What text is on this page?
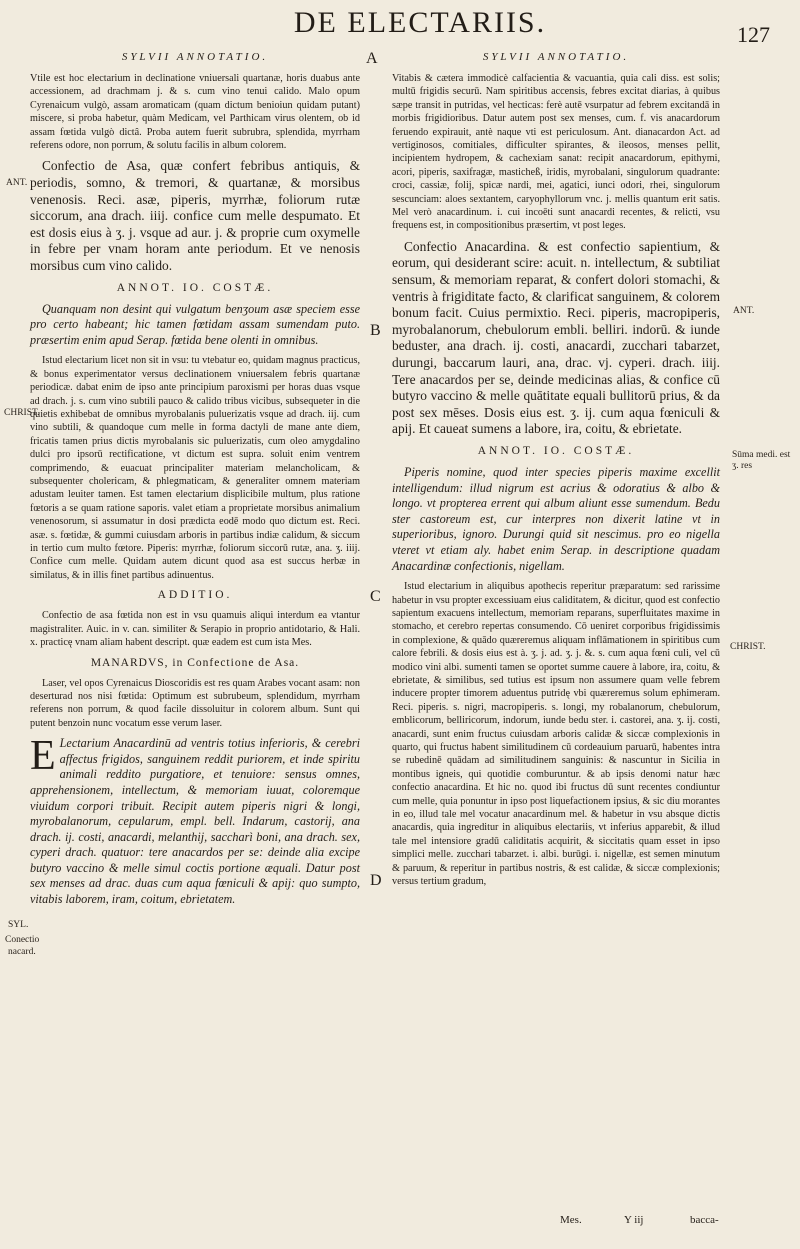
DE ELECTARIIS.	127
ANT.
CHRIST.
SYL.
Conectio
nacard.
ANT.
CHRIST.
Sūma medi. est ʒ. res
A
B
C
D
SYLVII ANNOTATIO.

Vtile est hoc electarium in declinatione vniuersali quartanæ, horis duabus ante accessionem, ad drachmam j. & s. cum vino tenui calido. Malo opum Cyrenaicum vulgò, assam aromaticam (quam dictum benioiun quidam putant) miscere, si proba habetur, quàm Medicam, vel Parthicam virus olentem, ob id assam fœtida vulgò dictâ. Proba autem fuerit subrubra, splendida, myrrham referens odore, non porrum, & solutu facilis in album colorem.

Confectio de Asa, quæ confert febribus antiquis, & periodis, somno, & tremori, & quartanæ, & morsibus venenosis. Reci. asæ, piperis, myrrhæ, foliorum rutæ siccorum, ana drach. iiij. confice cum melle despumato. Et est dosis eius à ʒ. j. vsque ad aur. j. & proprie cum oxymelle in febre per vnam horam ante periodum. Et ve nenosis morsibus cum vino calido.

ANNOT. IO. COSTÆ.

Quanquam non desint qui vulgatum benʒoum asæ speciem esse pro certo habeant; hic tamen fœtidam assam sumendam puto. præsertim enim apud Serap. fœtida bene olenti in omnibus.

Istud electarium licet non sit in vsu: tu vtebatur eo, quidam magnus practicus, & bonus experimentator versus declinationem vniuersalem febris quartanæ periodicæ. dabat enim de ipso ante principium paroxismi per horas duas vsque ad drach. j. s. cum vino subtili pauco & calido tribus vicibus, subsequeter in die quietis exhibebat de omnibus myrobalanis puluerizatis vsque ad drach. iij. cum vino subtili, & quandoque cum melle in forma dactyli de mane ante diem, fricatis tamen prius dictis myrobalanis sic puluerizatis, cum oleo amygdalino dulci pro ipsorū rectificatione, vt dictum est supra. soluit enim ventrem comprimendo, & euacuat principaliter materiam melancholicam, & subsequenter cholericam, & phlegmaticam, & generaliter omnem materiam adustam leuiter tamen. Est tamen electarium displicibile multum, plus ratione fœtoris a se quam ratione saporis. valet etiam a proprietate morsibus animalium venenosorum, si assumatur in dosi prædicta eodē modo quo dictum est. Reci. asæ. s. fœtidæ, & gummi cuiusdam arboris in partibus indiæ calidum, & siccum in tertio cum multo fœtore. Piperis: myrrhæ, foliorum siccorū rutæ, ana. ʒ. iiij. Confice cum melle. Quidam autem dicunt quod asa est succus herbæ in similatus, & in illis finet partibus adinuentus.

ADDITIO.

Confectio de asa fœtida non est in vsu quamuis aliqui interdum ea vtantur magistraliter. Auic. in v. can. similiter & Serapio in proprio antidotario, & Hali. x. practicę vnam aliam habent descript. quæ eadem est cum ista Mes.

MANARDVS, in Confectione de Asa.

Laser, vel opos Cyrenaicus Dioscoridis est res quam Arabes vocant asam: non deserturad nos nisi fœtida: Optimum est subrubeum, splendidum, myrrham referens non porrum, & quod facile dissoluitur in colorem album. Sunt qui putent benzoin nunc vocatum esse verum laser.

E Lectarium Anacardinū ad ventris totius inferioris, & cerebri affectus frigidos, sanguinem reddit puriorem, et inde spiritu animali reddito purgatiore, et tenuiore: sensus omnes, apprehensionem, intellectum, & memoriam iuuat, coloremque viuidum corpori tribuit. Recipit autem piperis nigri & longi, myrobalanorum, cepularum, empl. bell. Indarum, castorij, ana drach. ij. costi, anacardi, melanthij, saccharì boni, ana drach. sex, cyperi drach. quatuor: tere anacardos per se: deinde alia excipe butyro vaccino & melle simul coctis portione æquali. Datur post sex menses ad drac. duas cum aqua fœniculi & apij: quo sumpto, vitabis laborem, iram, coitum, ebrietatem.

SYLVII ANNOTATIO.

Vitabis & cætera immodicè calfacientia & vacuantia, quia cali diss. est solis; multū frigidis securū. Nam spiritibus accensis, febres excitat diarias, à quibus sæpe transit in putridas, vel hecticas: ferè autē vsurpatur ad febrem excitandā in morbis frigidioribus. Datur autem post sex menses, cum. f. vis anacardorum feruendo expirauit, antè naque vti est periculosum. Ant. dianacardon Act. ad vertiginosos, comitiales, difficulter spirantes, & ileosos, menses pellit, incipientem hydropem, & cachexiam sanat: recipit anacardorum, epithymi, acori, piperis, saxifragæ, masticheß, iridis, myrobalani, singulorum quadrante: croci, cassiæ, folij, spicæ nardi, mei, agatici, iunci odori, rhei, singulorum sescunciam: aloes sextantem, caryophyllorum vnc. j. mellis quantum erit satis. Mel verò anacardinum. i. cui incoēti sunt anacardi recentes, & relicti, vsu frequens est, in compositionibus præsertim, vt post leges.

Confectio Anacardina. & est confectio sapientium, & eorum, qui desiderant scire: acuit. n. intellectum, & subtiliat sensum, & memoriam reparat, & confert dolori stomachi, & ventris à frigiditate facto, & clarificat sanguinem, & colorem bonum facit. Cuius permixtio. Reci. piperis, macropiperis, myrobalanorum, chebulorum embli. belliri. indorū. & iunde beduster, ana drach. ij. costi, anacardi, zucchari tabarzet, durungi, baccarum lauri, ana, drac. vj. cyperi. drach. iiij. Tere anacardos per se, deinde medicinas alias, & confice cū butyro vaccino & melle quātitate equali bullitorū prius, & da post sex mēses. Dosis eius est. ʒ. ij. cum aqua fœniculi & apij. Et caueat sumens a labore, ira, coitu, & ebrietate.

ANNOT. IO. COSTÆ.

Piperis nomine, quod inter species piperis maxime excellit intelligendum: illud nigrum est acrius & odoratius & albo & longo. vt propterea errent qui album aliunt esse sumendum. Bedu ster castoreum est, cur interpres non dixerit latine vt in superioribus, ignoro. Durungi quid sit nescimus. pro eo nigella vteret vt etiam aly. habet enim Serap. in descriptione quadam Anacardinæ confectionis, nigellam.

Istud electarium in aliquibus apothecis reperitur præparatum: sed rarissime habetur in vsu propter excessiuam eius caliditatem, & dicitur, quod est confectio sapientum exacuens intellectum, memoriam reparans, superfluitates maxime in stomacho, et cerebro repertas consumendo. Cō ueniret corporibus frigidissimis in complexione, & quādo quæreremus aliquam inflāmationem in spiritibus cum calore febrili. & dosis eius est à. ʒ. j. ad. ʒ. j. &. s. cum aqua fœni culi, vel cū modico vini albi. sumenti tamen se oportet summe cauere à labore, ira, coitu, & ebrietate, & similibus, sed tutius est ipsum non assumere quam velle febrem inducere propter timorem aduentus putridę vbi quæreremus solum ephimeram. Reci. piperis. s. nigri, macropiperis. s. longi, my robalanorum, chebulorum, emblicorum, belliricorum, indorum, iunde bedu ster. i. castorei, ana. ʒ. ij. costi, anacardi, sunt enim fructus cuiusdam arboris calidæ & siccæ complexionis in quarto, qui fructus habent similitudinem cū cordeauium paruarū, habentes intra se rubedinē quādam ad similitudinem sanguinis: & nascuntur in Sicilia in montibus igneis, qui quotidie comburuntur. & ab ipsis denomi natur hæc confectio anacardina. Et hic no. quod ibi fructus dū sunt recentes condiuntur cum melle, quia ponuntur in ipso post liquefactionem ipsius, & sic diu morantes in eo, illud tale mel vocatur anacardinum mel. & habetur in vsu absque dictis anacardis, quia ingreditur in aliquibus electariis, vt inferius apparebit, & illud tale mel intensiore gradū caliditatis acquirit, & siccitatis quam esset in ipso simplici melle. zucchari tabarzet. i. albi. burūgi. i. nigellæ, est semen minutum & paruum, & reperitur in partibus nostris, & est calidæ, & siccæ complexionis; versus tertium gradum,

Mes.	Y iij	bacca-
